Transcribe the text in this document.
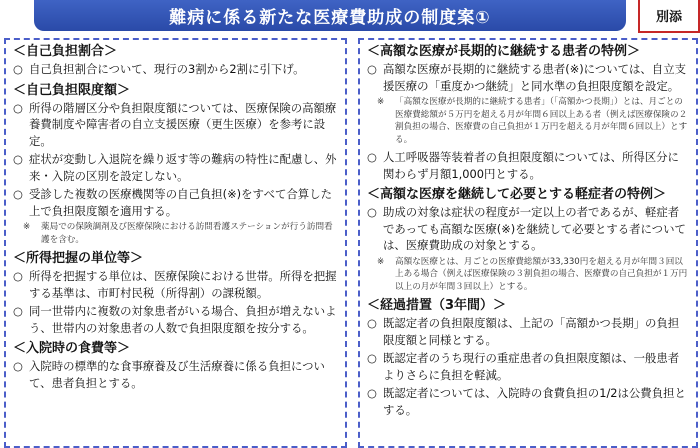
難病に係る新たな医療費助成の制度案①	別添
＜自己負担割合＞
○ 自己負担割合について、現行の3割から2割に引下げ。
＜自己負担限度額＞
○ 所得の階層区分や負担限度額については、医療保険の高額療養費制度や障害者の自立支援医療（更生医療）を参考に設定。
○ 症状が変動し入退院を繰り返す等の難病の特性に配慮し、外来・入院の区別を設定しない。
○ 受診した複数の医療機関等の自己負担(※)をすべて合算した上で負担限度額を適用する。
※	薬局での保険調剤及び医療保険における訪問看護ステーションが行う訪問看護を含む。
＜所得把握の単位等＞
○ 所得を把握する単位は、医療保険における世帯。所得を把握する基準は、市町村民税（所得割）の課税額。
○ 同一世帯内に複数の対象患者がいる場合、負担が増えないよう、世帯内の対象患者の人数で負担限度額を按分する。
＜入院時の食費等＞
○ 入院時の標準的な食事療養及び生活療養に係る負担について、患者負担とする。
＜高額な医療が長期的に継続する患者の特例＞
○ 高額な医療が長期的に継続する患者(※)については、自立支援医療の「重度かつ継続」と同水準の負担限度額を設定。
※	「高額な医療が長期的に継続する患者」（「高額かつ長期」）とは、月ごとの医療費総額が５万円を超える月が年間６回以上ある者（例えば医療保険の２割負担の場合、医療費の自己負担が１万円を超える月が年間６回以上）とする。
○ 人工呼吸器等装着者の負担限度額については、所得区分に関わらず月額1,000円とする。
＜高額な医療を継続して必要とする軽症者の特例＞
○ 助成の対象は症状の程度が一定以上の者であるが、軽症者であっても高額な医療(※)を継続して必要とする者については、医療費助成の対象とする。
※	高額な医療とは、月ごとの医療費総額が33,330円を超える月が年間３回以上ある場合（例えば医療保険の３割負担の場合、医療費の自己負担が１万円以上の月が年間３回以上）とする。
＜経過措置（3年間）＞
○ 既認定者の負担限度額は、上記の「高額かつ長期」の負担限度額と同様とする。
○ 既認定者のうち現行の重症患者の負担限度額は、一般患者よりさらに負担を軽減。
○ 既認定者については、入院時の食費負担の1/2は公費負担とする。
